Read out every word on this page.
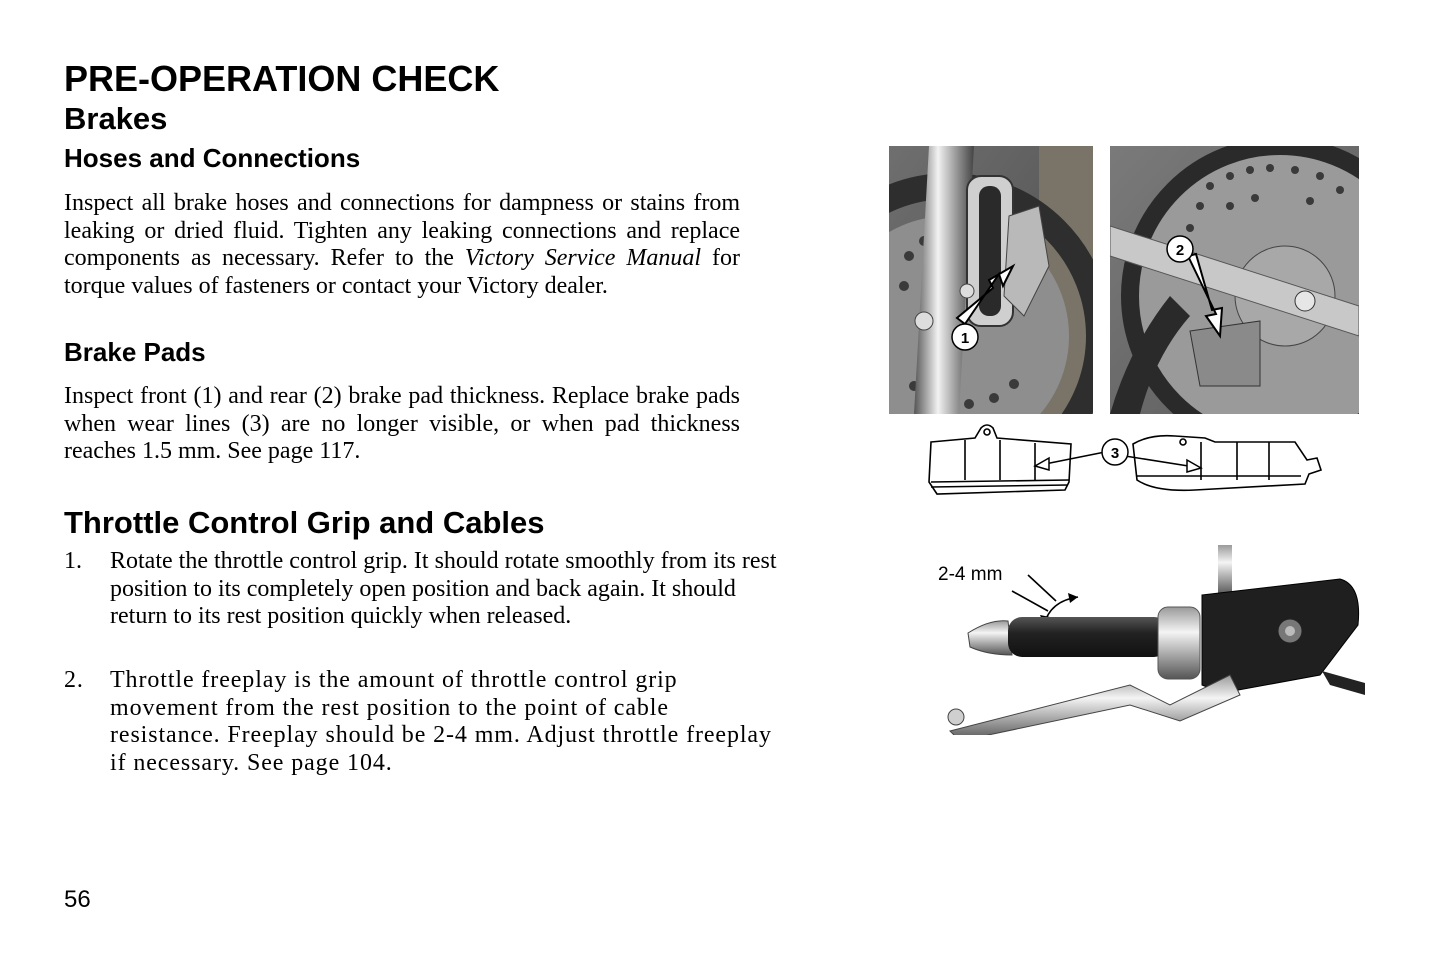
PRE-OPERATION CHECK
Brakes
Hoses and Connections

Inspect all brake hoses and connections for dampness or stains from leaking or dried fluid. Tighten any leaking connections and replace components as necessary. Refer to the Victory Service Manual for torque values of fasteners or contact your Victory dealer.

Brake Pads

Inspect front (1) and rear (2) brake pad thickness. Replace brake pads when wear lines (3) are no longer visible, or when pad thickness reaches 1.5 mm. See page 117.

Throttle Control Grip and Cables
1. Rotate the throttle control grip. It should rotate smoothly from its rest position to its completely open position and back again. It should return to its rest position quickly when released.
2. Throttle freeplay is the amount of throttle control grip movement from the rest position to the point of cable resistance. Freeplay should be 2-4 mm. Adjust throttle freeplay if necessary. See page 104.

56

1
2
3
2-4 mm
